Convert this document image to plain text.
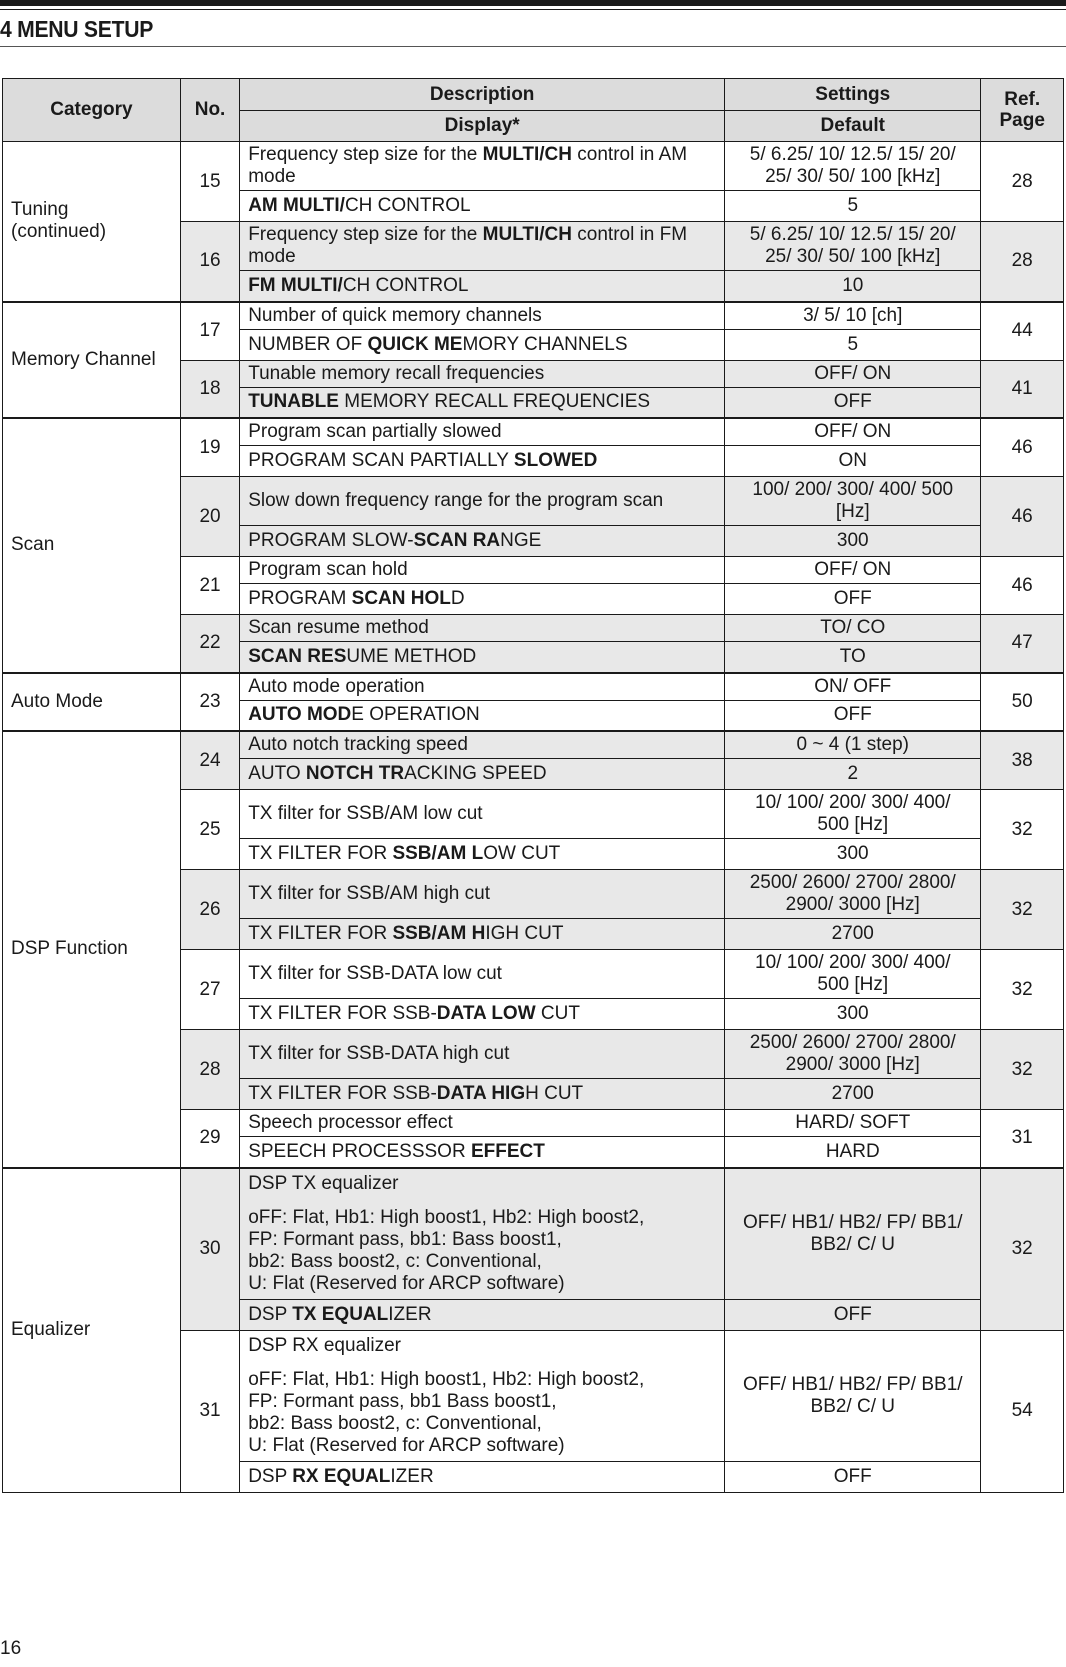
4 MENU SETUP
Category	No.	Description	Settings	Ref. Page

		Display*	Default	
Tuning
(continued)	15	Frequency step size for the MULTI/CH control in AM mode	5/ 6.25/ 10/ 12.5/ 15/ 20/ 25/ 30/ 50/ 100 [kHz]	28
		AM MULTI/CH CONTROL	5	
	16	Frequency step size for the MULTI/CH control in FM mode	5/ 6.25/ 10/ 12.5/ 15/ 20/ 25/ 30/ 50/ 100 [kHz]	28
		FM MULTI/CH CONTROL	10	
Memory Channel	17	Number of quick memory channels	3/ 5/ 10 [ch]	44
		NUMBER OF QUICK MEMORY CHANNELS	5	
	18	Tunable memory recall frequencies	OFF/ ON	41
		TUNABLE MEMORY RECALL FREQUENCIES	OFF	
Scan	19	Program scan partially slowed	OFF/ ON	46
		PROGRAM SCAN PARTIALLY SLOWED	ON	
	20	Slow down frequency range for the program scan	100/ 200/ 300/ 400/ 500 [Hz]	46
		PROGRAM SLOW-SCAN RANGE	300	
	21	Program scan hold	OFF/ ON	46
		PROGRAM SCAN HOLD	OFF	
	22	Scan resume method	TO/ CO	47
		SCAN RESUME METHOD	TO	
Auto Mode	23	Auto mode operation	ON/ OFF	50
		AUTO MODE OPERATION	OFF	
DSP Function	24	Auto notch tracking speed	0 ~ 4 (1 step)	38
		AUTO NOTCH TRACKING SPEED	2	
	25	TX filter for SSB/AM low cut	10/ 100/ 200/ 300/ 400/ 500 [Hz]	32
		TX FILTER FOR SSB/AM LOW CUT	300	
	26	TX filter for SSB/AM high cut	2500/ 2600/ 2700/ 2800/ 2900/ 3000 [Hz]	32
		TX FILTER FOR SSB/AM HIGH CUT	2700	
	27	TX filter for SSB-DATA low cut	10/ 100/ 200/ 300/ 400/ 500 [Hz]	32
		TX FILTER FOR SSB-DATA LOW CUT	300	
	28	TX filter for SSB-DATA high cut	2500/ 2600/ 2700/ 2800/ 2900/ 3000 [Hz]	32
		TX FILTER FOR SSB-DATA HIGH CUT	2700	
	29	Speech processor effect	HARD/ SOFT	31
		SPEECH PROCESSSOR EFFECT	HARD	
Equalizer	30	DSP TX equalizer
oFF: Flat, Hb1: High boost1, Hb2: High boost2,
FP: Formant pass, bb1: Bass boost1,
bb2: Bass boost2, c: Conventional,
U: Flat (Reserved for ARCP software)	OFF/ HB1/ HB2/ FP/ BB1/ BB2/ C/ U	32
		DSP TX EQUALIZER	OFF	
	31	DSP RX equalizer
oFF: Flat, Hb1: High boost1, Hb2: High boost2,
FP: Formant pass, bb1 Bass boost1,
bb2: Bass boost2, c: Conventional,
U: Flat (Reserved for ARCP software)	OFF/ HB1/ HB2/ FP/ BB1/ BB2/ C/ U	54
		DSP RX EQUALIZER	OFF	
16
